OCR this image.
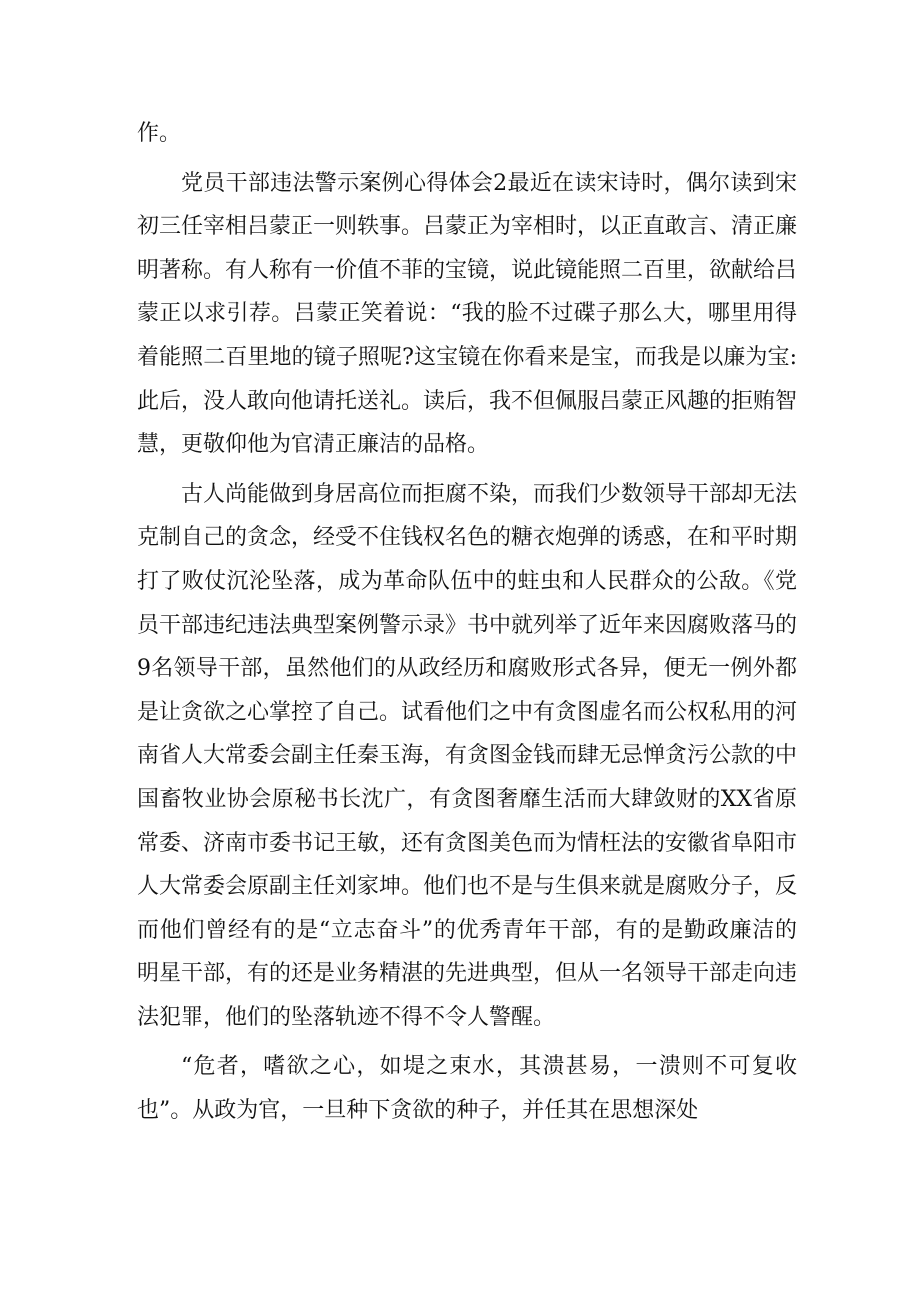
作。

党员干部违法警示案例心得体会2最近在读宋诗时，偶尔读到宋初三任宰相吕蒙正一则轶事。吕蒙正为宰相时，以正直敢言、清正廉明著称。有人称有一价值不菲的宝镜，说此镜能照二百里，欲献给吕蒙正以求引荐。吕蒙正笑着说：“我的脸不过碟子那么大，哪里用得着能照二百里地的镜子照呢?这宝镜在你看来是宝，而我是以廉为宝:此后，没人敢向他请托送礼。读后，我不但佩服吕蒙正风趣的拒贿智慧，更敬仰他为官清正廉洁的品格。

古人尚能做到身居高位而拒腐不染，而我们少数领导干部却无法克制自己的贪念，经受不住钱权名色的糖衣炮弹的诱惑，在和平时期打了败仗沉沦坠落，成为革命队伍中的蛀虫和人民群众的公敌。《党员干部违纪违法典型案例警示录》书中就列举了近年来因腐败落马的9名领导干部，虽然他们的从政经历和腐败形式各异，便无一例外都是让贪欲之心掌控了自己。试看他们之中有贪图虚名而公权私用的河南省人大常委会副主任秦玉海，有贪图金钱而肆无忌惮贪污公款的中国畜牧业协会原秘书长沈广，有贪图奢靡生活而大肆敛财的XX省原常委、济南市委书记王敏，还有贪图美色而为情枉法的安徽省阜阳市人大常委会原副主任刘家坤。他们也不是与生俱来就是腐败分子，反而他们曾经有的是“立志奋斗”的优秀青年干部，有的是勤政廉洁的明星干部，有的还是业务精湛的先进典型，但从一名领导干部走向违法犯罪，他们的坠落轨迹不得不令人警醒。

“危者，嗜欲之心，如堤之束水，其溃甚易，一溃则不可复收也”。从政为官，一旦种下贪欲的种子，并任其在思想深处
